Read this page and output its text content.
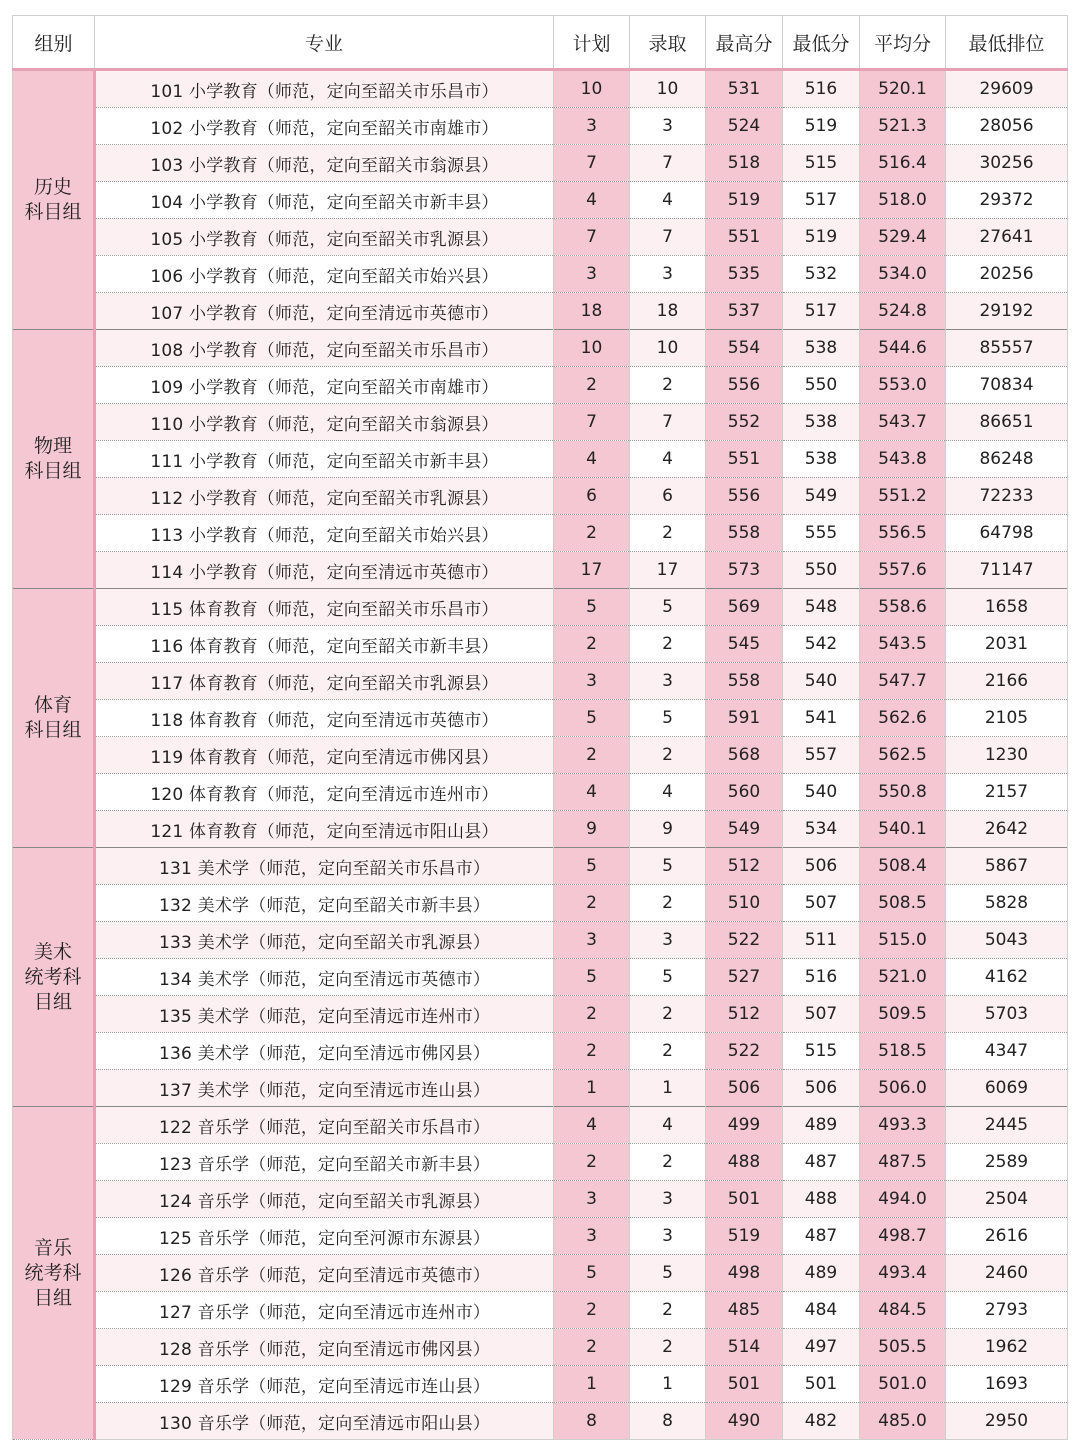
组别	专业	计划	录取	最高分	最低分	平均分	最低排位
历史
科目组	101 小学教育（师范，定向至韶关市乐昌市）	10	10	531	516	520.1	29609
	102 小学教育（师范，定向至韶关市南雄市）	3	3	524	519	521.3	28056
	103 小学教育（师范，定向至韶关市翁源县）	7	7	518	515	516.4	30256
	104 小学教育（师范，定向至韶关市新丰县）	4	4	519	517	518.0	29372
	105 小学教育（师范，定向至韶关市乳源县）	7	7	551	519	529.4	27641
	106 小学教育（师范，定向至韶关市始兴县）	3	3	535	532	534.0	20256
	107 小学教育（师范，定向至清远市英德市）	18	18	537	517	524.8	29192
物理
科目组	108 小学教育（师范，定向至韶关市乐昌市）	10	10	554	538	544.6	85557
	109 小学教育（师范，定向至韶关市南雄市）	2	2	556	550	553.0	70834
	110 小学教育（师范，定向至韶关市翁源县）	7	7	552	538	543.7	86651
	111 小学教育（师范，定向至韶关市新丰县）	4	4	551	538	543.8	86248
	112 小学教育（师范，定向至韶关市乳源县）	6	6	556	549	551.2	72233
	113 小学教育（师范，定向至韶关市始兴县）	2	2	558	555	556.5	64798
	114 小学教育（师范，定向至清远市英德市）	17	17	573	550	557.6	71147
体育
科目组	115 体育教育（师范，定向至韶关市乐昌市）	5	5	569	548	558.6	1658
	116 体育教育（师范，定向至韶关市新丰县）	2	2	545	542	543.5	2031
	117 体育教育（师范，定向至韶关市乳源县）	3	3	558	540	547.7	2166
	118 体育教育（师范，定向至清远市英德市）	5	5	591	541	562.6	2105
	119 体育教育（师范，定向至清远市佛冈县）	2	2	568	557	562.5	1230
	120 体育教育（师范，定向至清远市连州市）	4	4	560	540	550.8	2157
	121 体育教育（师范，定向至清远市阳山县）	9	9	549	534	540.1	2642
美术
统考科
目组	131 美术学（师范，定向至韶关市乐昌市）	5	5	512	506	508.4	5867
	132 美术学（师范，定向至韶关市新丰县）	2	2	510	507	508.5	5828
	133 美术学（师范，定向至韶关市乳源县）	3	3	522	511	515.0	5043
	134 美术学（师范，定向至清远市英德市）	5	5	527	516	521.0	4162
	135 美术学（师范，定向至清远市连州市）	2	2	512	507	509.5	5703
	136 美术学（师范，定向至清远市佛冈县）	2	2	522	515	518.5	4347
	137 美术学（师范，定向至清远市连山县）	1	1	506	506	506.0	6069
音乐
统考科
目组	122 音乐学（师范，定向至韶关市乐昌市）	4	4	499	489	493.3	2445
	123 音乐学（师范，定向至韶关市新丰县）	2	2	488	487	487.5	2589
	124 音乐学（师范，定向至韶关市乳源县）	3	3	501	488	494.0	2504
	125 音乐学（师范，定向至河源市东源县）	3	3	519	487	498.7	2616
	126 音乐学（师范，定向至清远市英德市）	5	5	498	489	493.4	2460
	127 音乐学（师范，定向至清远市连州市）	2	2	485	484	484.5	2793
	128 音乐学（师范，定向至清远市佛冈县）	2	2	514	497	505.5	1962
	129 音乐学（师范，定向至清远市连山县）	1	1	501	501	501.0	1693
	130 音乐学（师范，定向至清远市阳山县）	8	8	490	482	485.0	2950
